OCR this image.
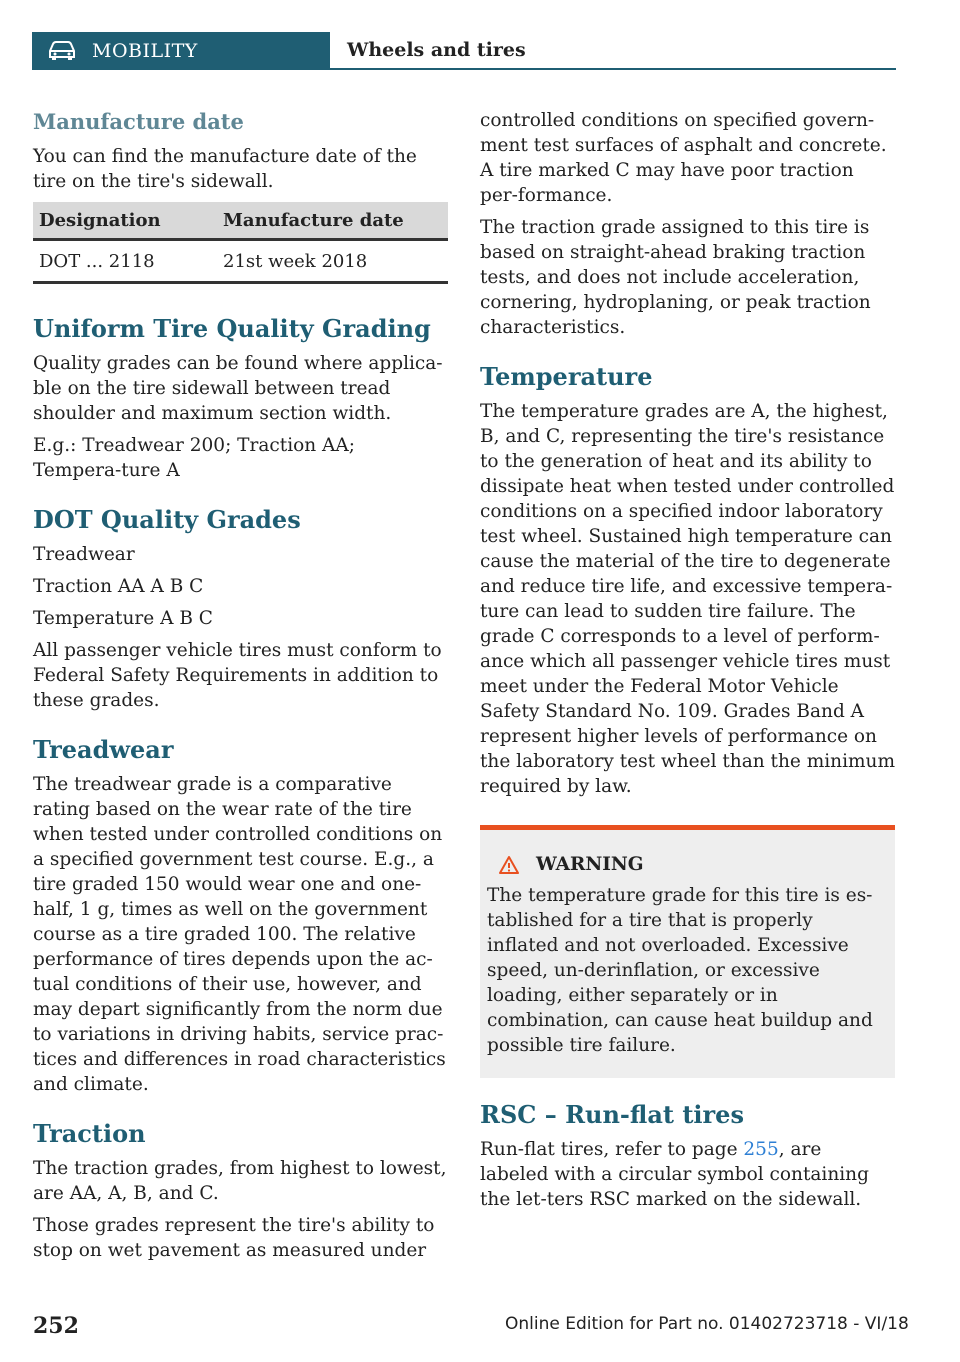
MOBILITY	Wheels and tires
Manufacture date

You can find the manufacture date of the tire on the tire's sidewall.

Designation	Manufacture date
DOT ... 2118	21st week 2018
Uniform Tire Quality Grading

Quality grades can be found where applica-ble on the tire sidewall between tread shoulder and maximum section width.

E.g.: Treadwear 200; Traction AA; Tempera-ture A

DOT Quality Grades

Treadwear

Traction AA A B C

Temperature A B C

All passenger vehicle tires must conform to Federal Safety Requirements in addition to these grades.

Treadwear

The treadwear grade is a comparative rating based on the wear rate of the tire when tested under controlled conditions on a specified government test course. E.g., a tire graded 150 would wear one and one-half, 1 g, times as well on the government course as a tire graded 100. The relative performance of tires depends upon the ac-tual conditions of their use, however, and may depart significantly from the norm due to variations in driving habits, service prac-tices and differences in road characteristics and climate.

Traction

The traction grades, from highest to lowest, are AA, A, B, and C.

Those grades represent the tire's ability to stop on wet pavement as measured under

controlled conditions on specified govern-ment test surfaces of asphalt and concrete. A tire marked C may have poor traction per-formance.

The traction grade assigned to this tire is based on straight-ahead braking traction tests, and does not include acceleration, cornering, hydroplaning, or peak traction characteristics.

Temperature

The temperature grades are A, the highest, B, and C, representing the tire's resistance to the generation of heat and its ability to dissipate heat when tested under controlled conditions on a specified indoor laboratory test wheel. Sustained high temperature can cause the material of the tire to degenerate and reduce tire life, and excessive tempera-ture can lead to sudden tire failure. The grade C corresponds to a level of perform-ance which all passenger vehicle tires must meet under the Federal Motor Vehicle Safety Standard No. 109. Grades Band A represent higher levels of performance on the laboratory test wheel than the minimum required by law.

WARNING

The temperature grade for this tire is es-tablished for a tire that is properly inflated and not overloaded. Excessive speed, un-derinflation, or excessive loading, either separately or in combination, can cause heat buildup and possible tire failure.

RSC – Run-flat tires

Run-flat tires, refer to page 255, are labeled with a circular symbol containing the let-ters RSC marked on the sidewall.

252	Online Edition for Part no. 01402723718 - VI/18
